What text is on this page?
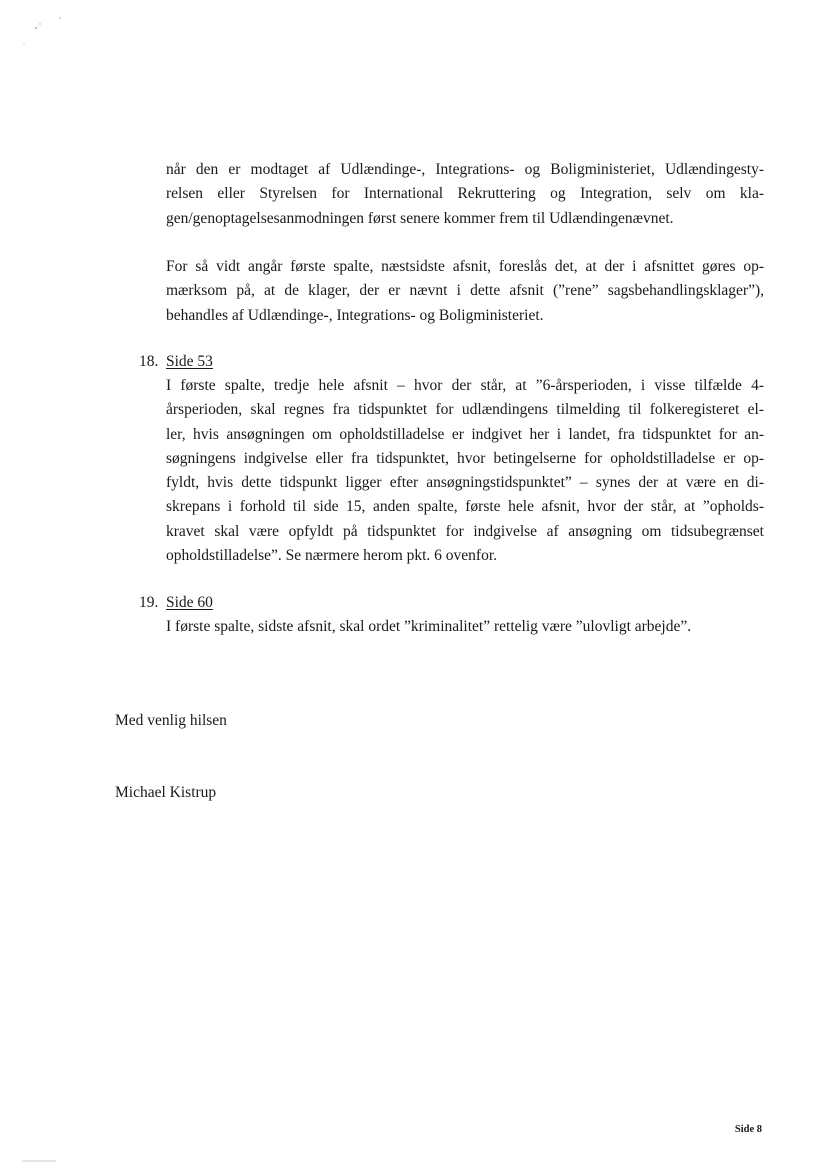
når den er modtaget af Udlændinge-, Integrations- og Boligministeriet, Udlændingesty-
relsen eller Styrelsen for International Rekruttering og Integration, selv om kla-
gen/genoptagelsesanmodningen først senere kommer frem til Udlændingenævnet.

For så vidt angår første spalte, næstsidste afsnit, foreslås det, at der i afsnittet gøres op-
mærksom på, at de klager, der er nævnt i dette afsnit (”rene” sagsbehandlingsklager”),
behandles af Udlændinge-, Integrations- og Boligministeriet.

18. Side 53

I første spalte, tredje hele afsnit – hvor der står, at ”6-årsperioden, i visse tilfælde 4-
årsperioden, skal regnes fra tidspunktet for udlændingens tilmelding til folkeregisteret el-
ler, hvis ansøgningen om opholdstilladelse er indgivet her i landet, fra tidspunktet for an-
søgningens indgivelse eller fra tidspunktet, hvor betingelserne for opholdstilladelse er op-
fyldt, hvis dette tidspunkt ligger efter ansøgningstidspunktet” – synes der at være en di-
skrepans i forhold til side 15, anden spalte, første hele afsnit, hvor der står, at ”opholds-
kravet skal være opfyldt på tidspunktet for indgivelse af ansøgning om tidsubegrænset
opholdstilladelse”. Se nærmere herom pkt. 6 ovenfor.

19. Side 60

I første spalte, sidste afsnit, skal ordet ”kriminalitet” rettelig være ”ulovligt arbejde”.

Med venlig hilsen
Michael Kistrup
Side 8
